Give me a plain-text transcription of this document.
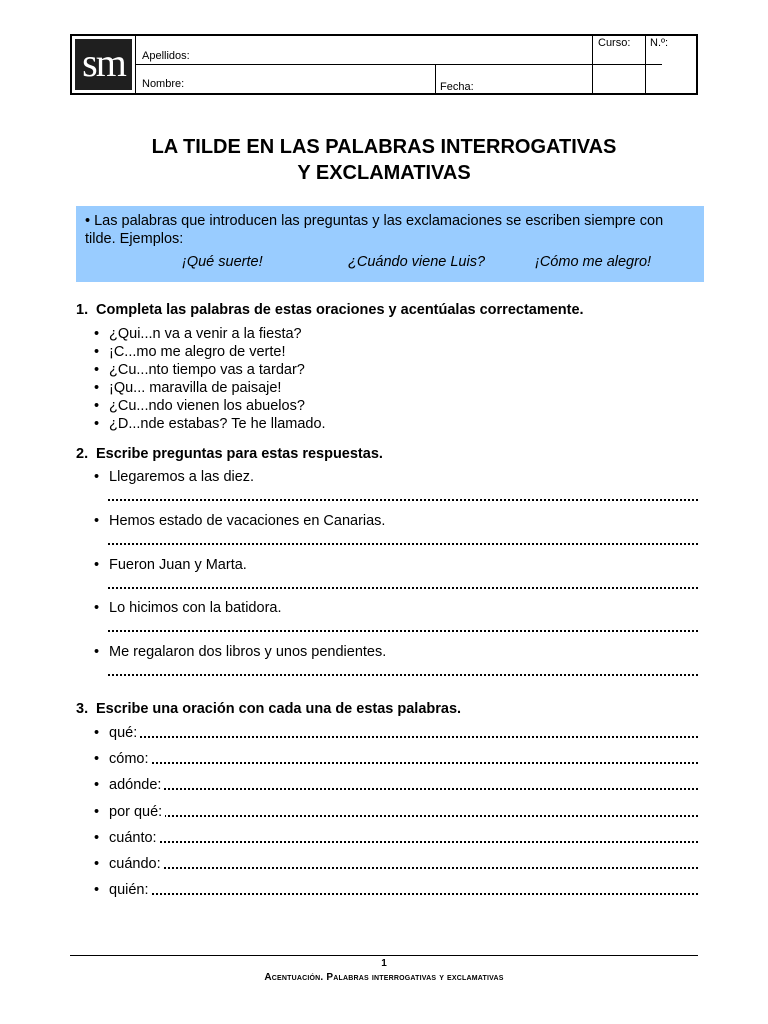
sm	Apellidos:
Curso: N.º:
Nombre:	Fecha:
LA TILDE EN LAS PALABRAS INTERROGATIVAS
Y EXCLAMATIVAS
• Las palabras que introducen las preguntas y las exclamaciones se escriben siempre con tilde. Ejemplos:
¡Qué suerte!	¿Cuándo viene Luis?	¡Cómo me alegro!
1. Completa las palabras de estas oraciones y acentúalas correctamente.
• ¿Qui...n va a venir a la fiesta?
• ¡C...mo me alegro de verte!
• ¿Cu...nto tiempo vas a tardar?
• ¡Qu... maravilla de paisaje!
• ¿Cu...ndo vienen los abuelos?
• ¿D...nde estabas? Te he llamado.
2. Escribe preguntas para estas respuestas.
• Llegaremos a las diez.
• Hemos estado de vacaciones en Canarias.
• Fueron Juan y Marta.
• Lo hicimos con la batidora.
• Me regalaron dos libros y unos pendientes.
3. Escribe una oración con cada una de estas palabras.
• qué:
• cómo:
• adónde:
• por qué:
• cuánto:
• cuándo:
• quién:
1
Acentuación. Palabras interrogativas y exclamativas
